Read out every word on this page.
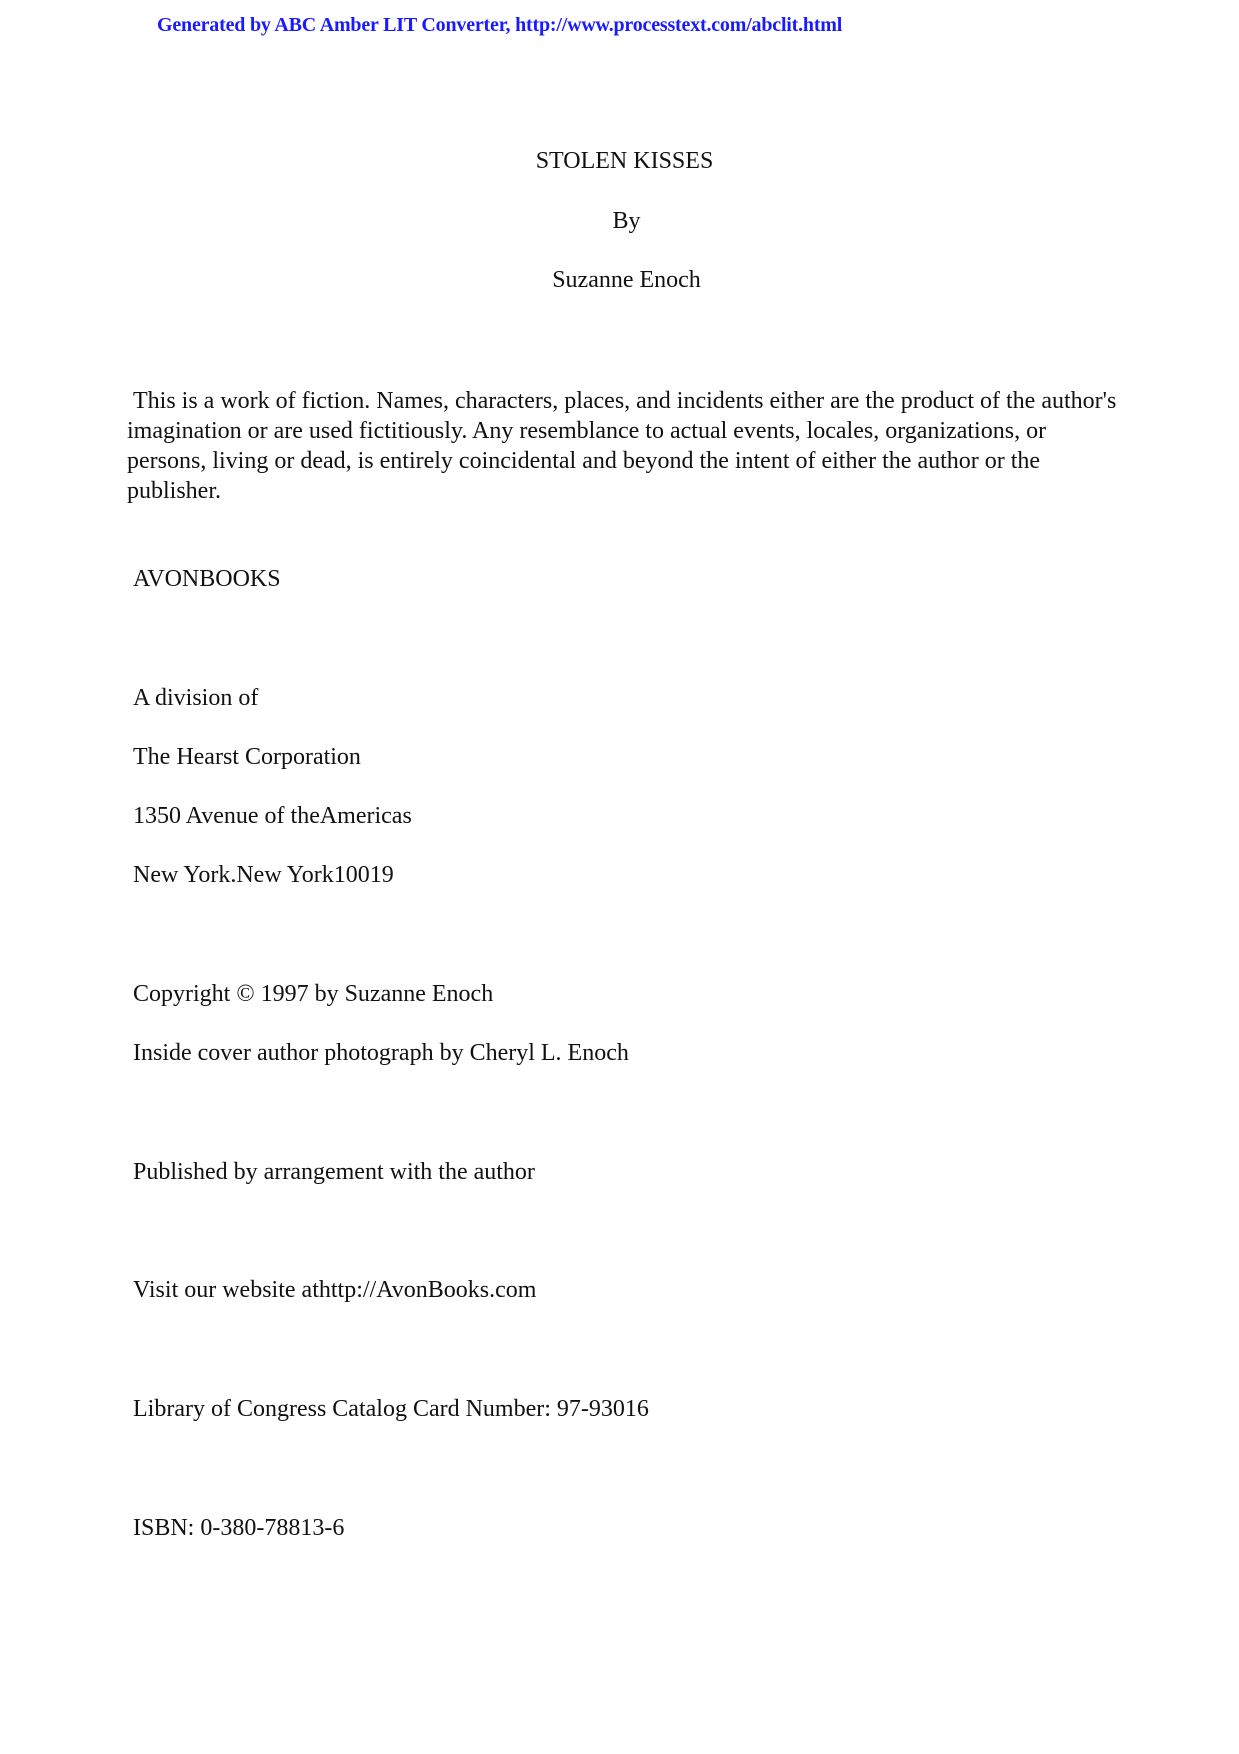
Generated by ABC Amber LIT Converter, http://www.processtext.com/abclit.html
STOLEN KISSES
By
Suzanne Enoch
This is a work of fiction. Names, characters, places, and incidents either are the product of the author's imagination or are used fictitiously. Any resemblance to actual events, locales, organizations, or persons, living or dead, is entirely coincidental and beyond the intent of either the author or the publisher.
AVONBOOKS
A division of
The Hearst Corporation
1350 Avenue of theAmericas
New York.New York10019
Copyright © 1997 by Suzanne Enoch
Inside cover author photograph by Cheryl L. Enoch
Published by arrangement with the author
Visit our website athttp://AvonBooks.com
Library of Congress Catalog Card Number: 97-93016
ISBN: 0-380-78813-6
